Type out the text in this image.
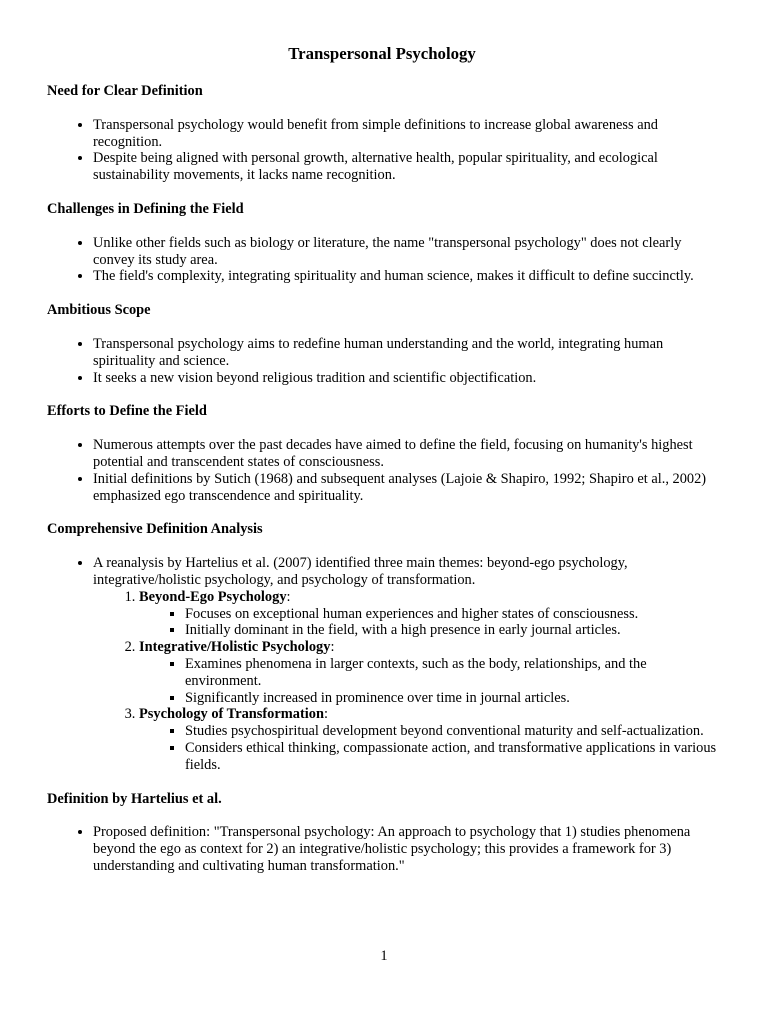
Transpersonal Psychology
Need for Clear Definition
• Transpersonal psychology would benefit from simple definitions to increase global awareness and recognition.
• Despite being aligned with personal growth, alternative health, popular spirituality, and ecological sustainability movements, it lacks name recognition.
Challenges in Defining the Field
• Unlike other fields such as biology or literature, the name "transpersonal psychology" does not clearly convey its study area.
• The field's complexity, integrating spirituality and human science, makes it difficult to define succinctly.
Ambitious Scope
• Transpersonal psychology aims to redefine human understanding and the world, integrating human spirituality and science.
• It seeks a new vision beyond religious tradition and scientific objectification.
Efforts to Define the Field
• Numerous attempts over the past decades have aimed to define the field, focusing on humanity's highest potential and transcendent states of consciousness.
• Initial definitions by Sutich (1968) and subsequent analyses (Lajoie & Shapiro, 1992; Shapiro et al., 2002) emphasized ego transcendence and spirituality.
Comprehensive Definition Analysis
• A reanalysis by Hartelius et al. (2007) identified three main themes: beyond-ego psychology, integrative/holistic psychology, and psychology of transformation.
1. Beyond-Ego Psychology:
▪ Focuses on exceptional human experiences and higher states of consciousness.
▪ Initially dominant in the field, with a high presence in early journal articles.
2. Integrative/Holistic Psychology:
▪ Examines phenomena in larger contexts, such as the body, relationships, and the environment.
▪ Significantly increased in prominence over time in journal articles.
3. Psychology of Transformation:
▪ Studies psychospiritual development beyond conventional maturity and self-actualization.
▪ Considers ethical thinking, compassionate action, and transformative applications in various fields.
Definition by Hartelius et al.
• Proposed definition: "Transpersonal psychology: An approach to psychology that 1) studies phenomena beyond the ego as context for 2) an integrative/holistic psychology; this provides a framework for 3) understanding and cultivating human transformation."
1
